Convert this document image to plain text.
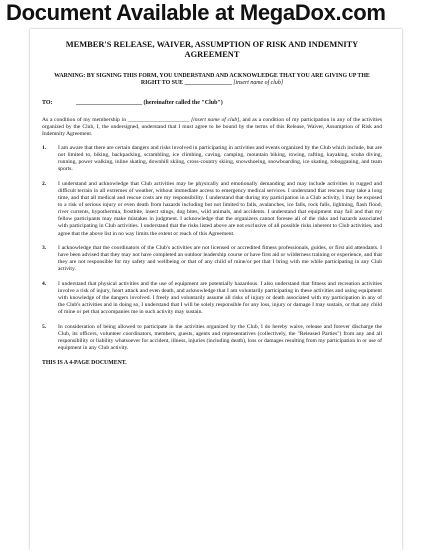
Document Available at MegaDox.com
MEMBER'S RELEASE, WAIVER, ASSUMPTION OF RISK AND INDEMNITY AGREEMENT
WARNING: BY SIGNING THIS FORM, YOU UNDERSTAND AND ACKNOWLEDGE THAT YOU ARE GIVING UP THE RIGHT TO SUE ________________ [insert name of club]
TO:	______________________ (hereinafter called the "Club")
As a condition of my membership in ______________________ [insert name of club], and as a condition of my participation in any of the activities organized by the Club, I, the undersigned, understand that I must agree to be bound by the terms of this Release, Waiver, Assumption of Risk and Indemnity Agreement.
1.	I am aware that there are certain dangers and risks involved in participating in activities and events organized by the Club which include, but are not limited to, biking, backpacking, scrambling, ice climbing, caving, camping, mountain biking, rowing, rafting, kayaking, scuba diving, running, power walking, inline skating, downhill skiing, cross-country skiing, snowshoeing, snowboarding, ice skating, tobogganing, and team sports.
2.	I understand and acknowledge that Club activities may be physically and emotionally demanding and may include activities in rugged and difficult terrain in all extremes of weather, without immediate access to emergency medical services. I understand that rescues may take a long time, and that all medical and rescue costs are my responsibility. I understand that during my participation in a Club activity, I may be exposed to a risk of serious injury or even death from hazards including but not limited to falls, avalanches, ice falls, rock falls, lightning, flash flood, river currents, hypothermia, frostbite, insect stings, dog bites, wild animals, and accidents. I understand that equipment may fail and that my fellow participants may make mistakes in judgment. I acknowledge that the organizers cannot foresee all of the risks and hazards associated with participating in Club activities. I understand that the risks listed above are not exclusive of all possible risks inherent to Club activities, and agree that the above list in no way limits the extent or reach of this Agreement.
3.	I acknowledge that the coordinators of the Club's activities are not licensed or accredited fitness professionals, guides, or first aid attendants. I have been advised that they may not have completed an outdoor leadership course or have first aid or wilderness training or experience, and that they are not responsible for my safety and wellbeing or that of any child of mine/or pet that I bring with me while participating in any Club activity.
4.	I understand that physical activities and the use of equipment are potentially hazardous. I also understand that fitness and recreation activities involve a risk of injury, heart attack and even death, and acknowledge that I am voluntarily participating in these activities and using equipment with knowledge of the dangers involved. I freely and voluntarily assume all risks of injury or death associated with my participation in any of the Club's activities and in doing so, I understand that I will be solely responsible for any loss, injury or damage I may sustain, or that any child of mine or pet that accompanies me in such activity may sustain.
5.	In consideration of being allowed to participate in the activities organized by the Club, I do hereby waive, release and forever discharge the Club, its officers, volunteer coordinators, members, guests, agents and representatives (collectively, the "Released Parties") from any and all responsibility or liability whatsoever for accident, illness, injuries (including death), loss or damages resulting from my participation in or use of equipment in any Club activity.
THIS IS A 4-PAGE DOCUMENT.
